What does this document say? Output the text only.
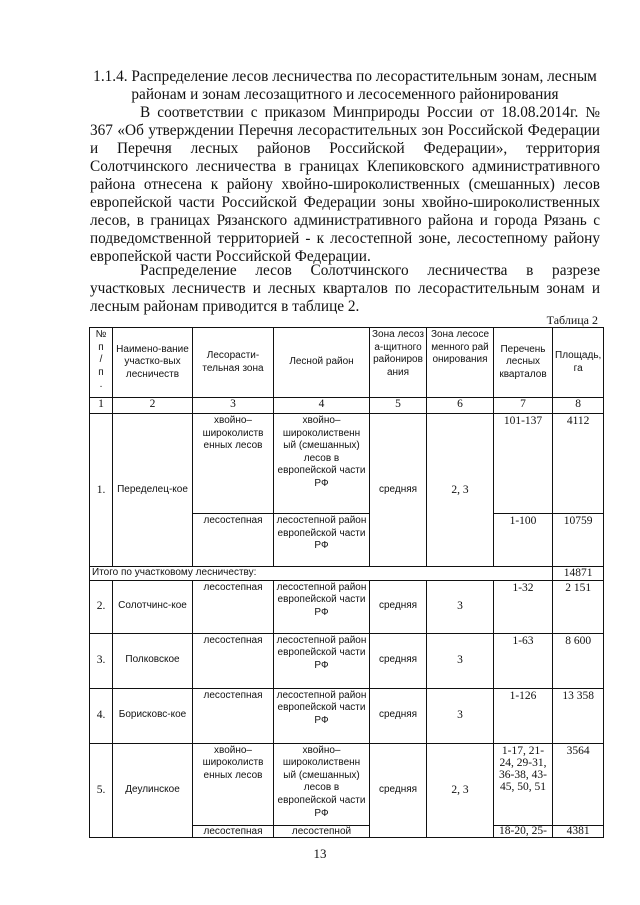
1.1.4. Распределение лесов лесничества по лесорастительным зонам, лесным районам и зонам лесозащитного и лесосеменного районирования
В соответствии с приказом Минприроды России от 18.08.2014г. № 367 «Об утверждении Перечня лесорастительных зон Российской Федерации и Перечня лесных районов Российской Федерации», территория Солотчинского лесничества в границах Клепиковского административного района отнесена к району хвойно-широколиственных (смешанных) лесов европейской части Российской Федерации зоны хвойно-широколиственных лесов, в границах Рязанского административного района и города Рязань с подведомственной территорией - к лесостепной зоне, лесостепному району европейской части Российской Федерации.
Распределение лесов Солотчинского лесничества в разрезе участковых лесничеств и лесных кварталов по лесорастительным зонам и лесным районам приводится в таблице 2.
Таблица 2
№ п / п .	Наимено-вание участко-вых лесничеств	Лесорасти-тельная зона	Лесной район	Зона лесоза-щитного районирования	Зона лесосеменного районирования	Перечень лесных кварталов	Площадь, га
1	2	3	4	5	6	7	8
1.	Переделец-кое	хвойно–широколиств енных лесов	хвойно–широколиственн ый (смешанных) лесов в европейской части РФ	средняя	2, 3	101-137	4112
		лесостепная	лесостепной район европейской части РФ			1-100	10759
Итого по участковому лесничеству:							14871
2.	Солотчинс-кое	лесостепная	лесостепной район европейской части РФ	средняя	3	1-32	2 151
3.	Полковское	лесостепная	лесостепной район европейской части РФ	средняя	3	1-63	8 600
4.	Борисковс-кое	лесостепная	лесостепной район европейской части РФ	средняя	3	1-126	13 358
5.	Деулинское	хвойно–широколиств енных лесов	хвойно–широколиственн ый (смешанных) лесов в европейской части РФ	средняя	2, 3	1-17, 21-24, 29-31, 36-38, 43-45, 50, 51	3564
		лесостепная	лесостепной			18-20, 25-	4381
13
